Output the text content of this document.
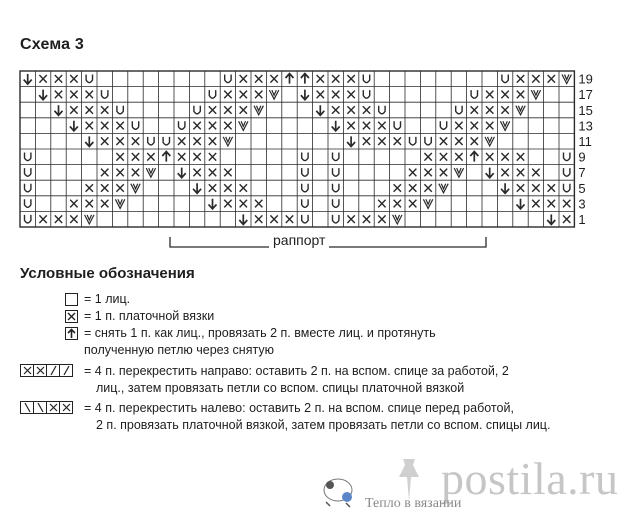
Схема 3
19
17
15
13
11
9
7
5
3
1
раппорт
Условные обозначения
= 1 лиц.
= 1 п. платочной вязки
= снять 1 п. как лиц., провязать 2 п. вместе лиц. и протянуть
полученную петлю через снятую
= 4 п. перекрестить направо: оставить 2 п. на вспом. спице за работой, 2
лиц., затем провязать петли со вспом. спицы платочной вязкой
= 4 п. перекрестить налево: оставить 2 п. на вспом. спице перед работой,
2 п. провязать платочной вязкой, затем провязать петли со вспом. спицы лиц.
postila.ru
Тепло в вязании
